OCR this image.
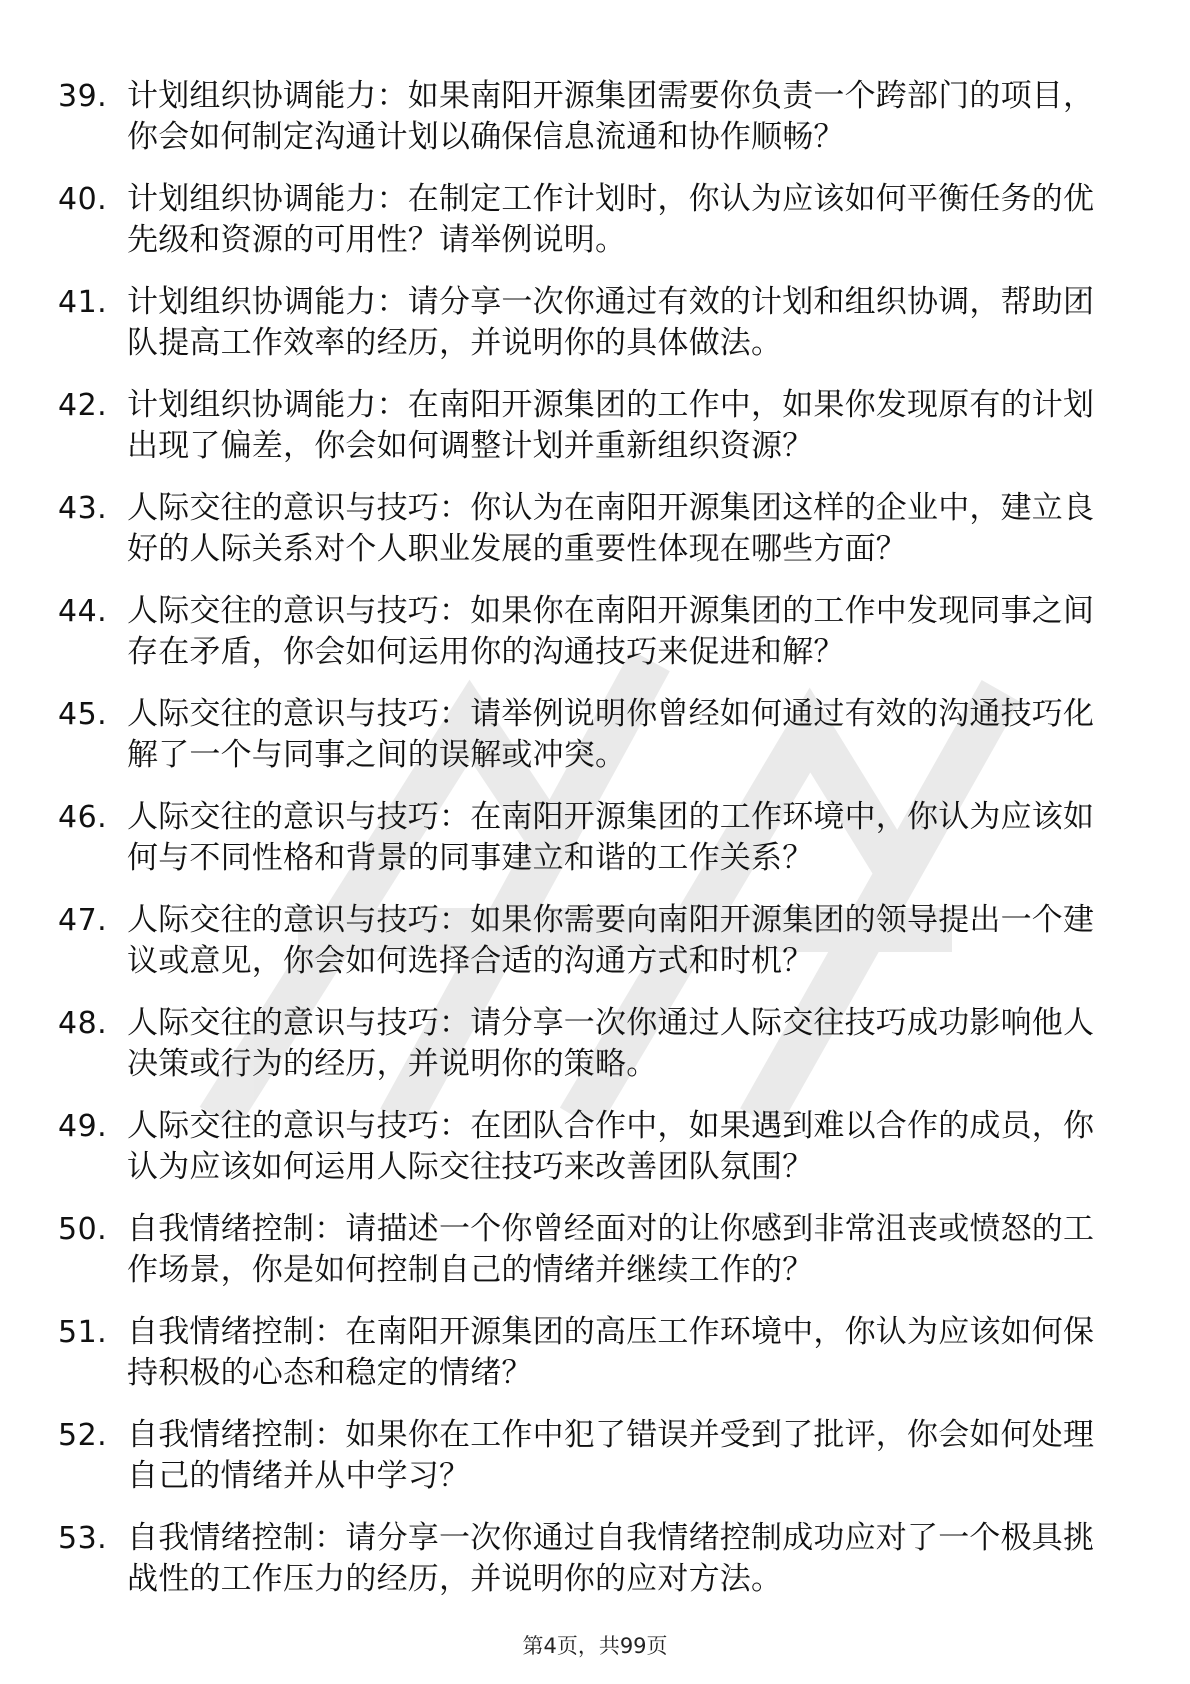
39. 计划组织协调能力：如果南阳开源集团需要你负责一个跨部门的项目，你会如何制定沟通计划以确保信息流通和协作顺畅？
40. 计划组织协调能力：在制定工作计划时，你认为应该如何平衡任务的优先级和资源的可用性？请举例说明。
41. 计划组织协调能力：请分享一次你通过有效的计划和组织协调，帮助团队提高工作效率的经历，并说明你的具体做法。
42. 计划组织协调能力：在南阳开源集团的工作中，如果你发现原有的计划出现了偏差，你会如何调整计划并重新组织资源？
43. 人际交往的意识与技巧：你认为在南阳开源集团这样的企业中，建立良好的人际关系对个人职业发展的重要性体现在哪些方面？
44. 人际交往的意识与技巧：如果你在南阳开源集团的工作中发现同事之间存在矛盾，你会如何运用你的沟通技巧来促进和解？
45. 人际交往的意识与技巧：请举例说明你曾经如何通过有效的沟通技巧化解了一个与同事之间的误解或冲突。
46. 人际交往的意识与技巧：在南阳开源集团的工作环境中，你认为应该如何与不同性格和背景的同事建立和谐的工作关系？
47. 人际交往的意识与技巧：如果你需要向南阳开源集团的领导提出一个建议或意见，你会如何选择合适的沟通方式和时机？
48. 人际交往的意识与技巧：请分享一次你通过人际交往技巧成功影响他人决策或行为的经历，并说明你的策略。
49. 人际交往的意识与技巧：在团队合作中，如果遇到难以合作的成员，你认为应该如何运用人际交往技巧来改善团队氛围？
50. 自我情绪控制：请描述一个你曾经面对的让你感到非常沮丧或愤怒的工作场景，你是如何控制自己的情绪并继续工作的？
51. 自我情绪控制：在南阳开源集团的高压工作环境中，你认为应该如何保持积极的心态和稳定的情绪？
52. 自我情绪控制：如果你在工作中犯了错误并受到了批评，你会如何处理自己的情绪并从中学习？
53. 自我情绪控制：请分享一次你通过自我情绪控制成功应对了一个极具挑战性的工作压力的经历，并说明你的应对方法。
第4页，共99页
